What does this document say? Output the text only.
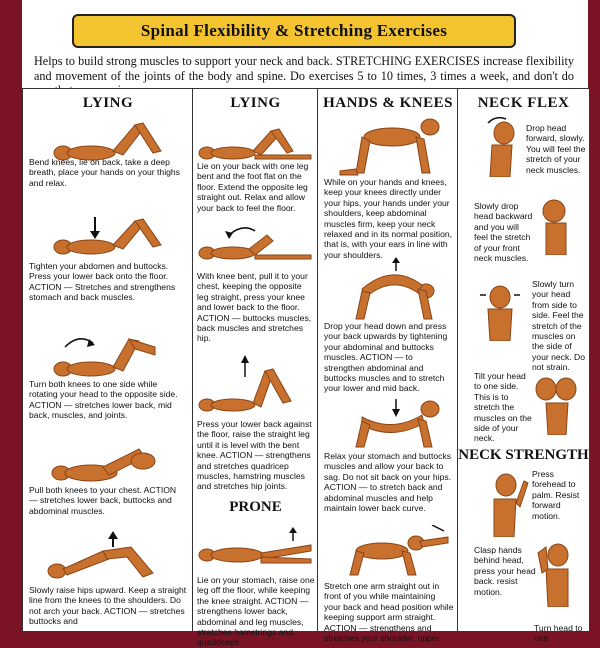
Spinal Flexibility & Stretching Exercises
Helps to build strong muscles to support your neck and back. STRETCHING EXERCISES increase flexibility and movement of the joints of the body and spine. Do exercises 5 to 10 times, 3 times a week, and don't do
LYING
Bend knees, lie on back, take a deep breath, place your hands on your thighs and relax.
Tighten your abdomen and buttocks. Press your lower back onto the floor. ACTION — Stretches and strengthens stomach and back muscles.
Turn both knees to one side while rotating your head to the opposite side. ACTION — stretches lower back, mid back, muscles, and joints.
Pull both knees to your chest. ACTION — stretches lower back, buttocks and abdominal muscles.
Slowly raise hips upward. Keep a straight line from the knees to the shoulders. Do not arch your back. ACTION — stretches buttocks and
LYING
Lie on your back with one leg bent and the foot flat on the floor. Extend the opposite leg straight out. Relax and allow your back to feel the floor.
With knee bent, pull it to your chest, keeping the opposite leg straight, press your knee and lower back to the floor. ACTION — buttocks muscles, back muscles and stretches hip.
Press your lower back against the floor, raise the straight leg until it is level with the bent knee. ACTION — strengthens and stretches quadricep muscles, hamstring muscles and stretches hip joints.
PRONE
Lie on your stomach, raise one leg off the floor, while keeping the knee straight. ACTION — strengthens lower back, abdominal and leg muscles, stretches hamstrings and quadriceps.
HANDS & KNEES
While on your hands and knees, keep your knees directly under your hips, your hands under your shoulders, keep abdominal muscles firm, keep your neck relaxed and in its normal position, that is, with your ears in line with your shoulders.
Drop your head down and press your back upwards by tightening your abdominal and buttocks muscles. ACTION — to strengthen abdominal and buttocks muscles and to stretch your lower and mid back.
Relax your stomach and buttocks muscles and allow your back to sag. Do not sit back on your hips. ACTION — to stretch back and abdominal muscles and help maintain lower back curve.
Stretch one arm straight out in front of you while maintaining your back and head position while keeping support arm straight. ACTION — strengthens and stretches your shoulder, upper
NECK FLEX
Drop head forward, slowly. You will feel the stretch of your neck muscles.
Slowly drop head backward and you will feel the stretch of your front neck muscles.
Slowly turn your head from side to side. Feel the stretch of the muscles on the side of your neck. Do not strain.
Tilt your head to one side. This is to stretch the muscles on the side of your neck.
NECK STRENGTH
Press forehead to palm. Resist forward motion.
Clasp hands behind head, press your head back. resist motion.
Turn head to one
